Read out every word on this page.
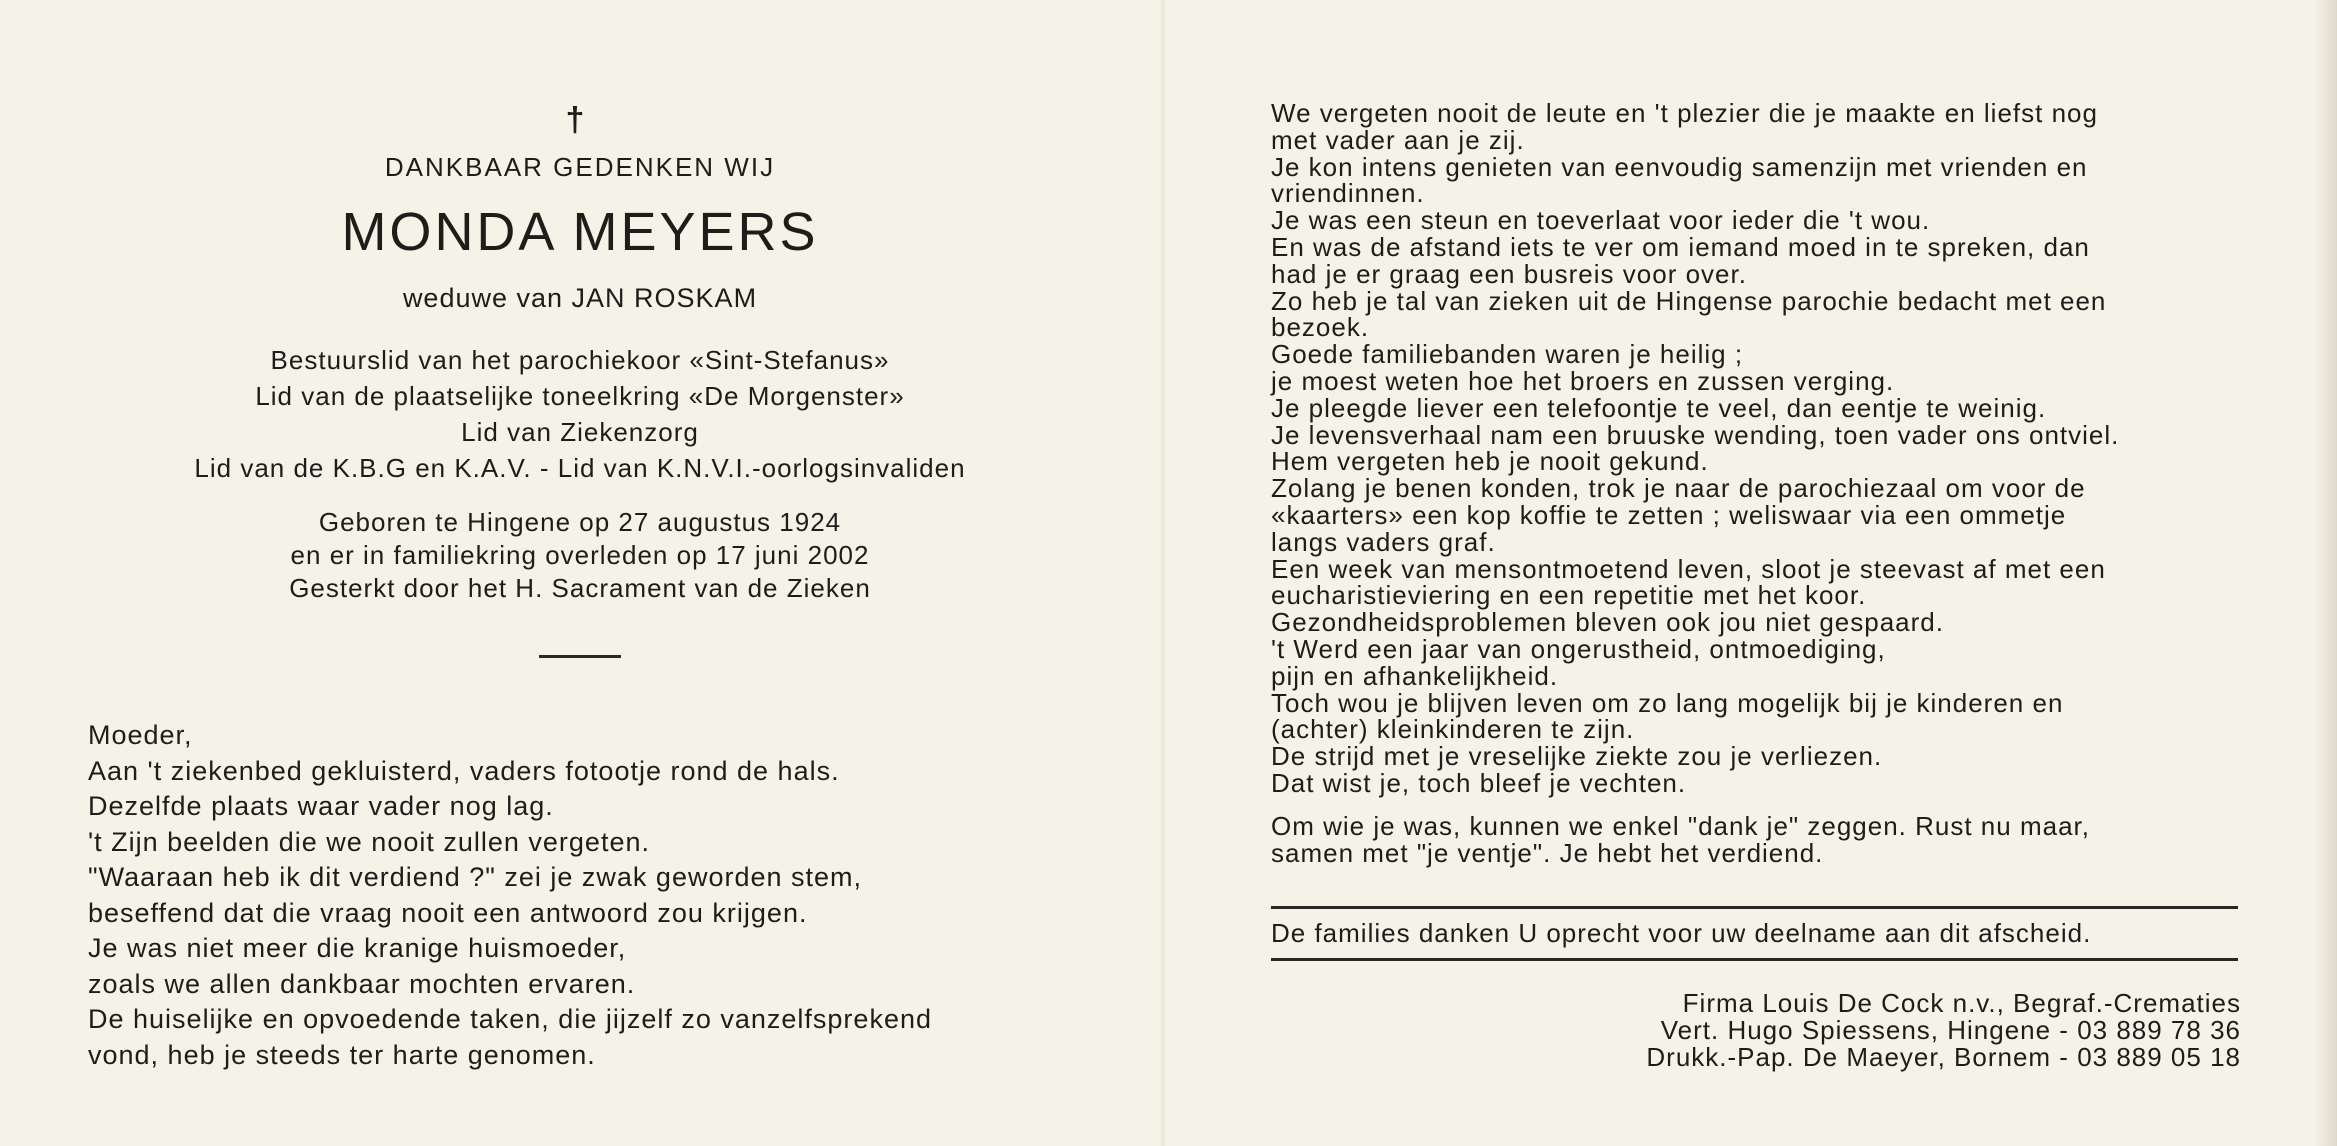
†
DANKBAAR GEDENKEN WIJ
MONDA MEYERS
weduwe van JAN ROSKAM
Bestuurslid van het parochiekoor «Sint-Stefanus»
Lid van de plaatselijke toneelkring «De Morgenster»
Lid van Ziekenzorg
Lid van de K.B.G en K.A.V. - Lid van K.N.V.I.-oorlogsinvaliden
Geboren te Hingene op 27 augustus 1924
en er in familiekring overleden op 17 juni 2002
Gesterkt door het H. Sacrament van de Zieken
Moeder,
Aan 't ziekenbed gekluisterd, vaders fotootje rond de hals.
Dezelfde plaats waar vader nog lag.
't Zijn beelden die we nooit zullen vergeten.
"Waaraan heb ik dit verdiend ?" zei je zwak geworden stem,
beseffend dat die vraag nooit een antwoord zou krijgen.
Je was niet meer die kranige huismoeder,
zoals we allen dankbaar mochten ervaren.
De huiselijke en opvoedende taken, die jijzelf zo vanzelfsprekend
vond, heb je steeds ter harte genomen.
We vergeten nooit de leute en 't plezier die je maakte en liefst nog
met vader aan je zij.
Je kon intens genieten van eenvoudig samenzijn met vrienden en
vriendinnen.
Je was een steun en toeverlaat voor ieder die 't wou.
En was de afstand iets te ver om iemand moed in te spreken, dan
had je er graag een busreis voor over.
Zo heb je tal van zieken uit de Hingense parochie bedacht met een
bezoek.
Goede familiebanden waren je heilig ;
je moest weten hoe het broers en zussen verging.
Je pleegde liever een telefoontje te veel, dan eentje te weinig.
Je levensverhaal nam een bruuske wending, toen vader ons ontviel.
Hem vergeten heb je nooit gekund.
Zolang je benen konden, trok je naar de parochiezaal om voor de
«kaarters» een kop koffie te zetten ; weliswaar via een ommetje
langs vaders graf.
Een week van mensontmoetend leven, sloot je steevast af met een
eucharistieviering en een repetitie met het koor.
Gezondheidsproblemen bleven ook jou niet gespaard.
't Werd een jaar van ongerustheid, ontmoediging,
pijn en afhankelijkheid.
Toch wou je blijven leven om zo lang mogelijk bij je kinderen en
(achter) kleinkinderen te zijn.
De strijd met je vreselijke ziekte zou je verliezen.
Dat wist je, toch bleef je vechten.
Om wie je was, kunnen we enkel "dank je" zeggen. Rust nu maar,
samen met "je ventje". Je hebt het verdiend.
De families danken U oprecht voor uw deelname aan dit afscheid.
Firma Louis De Cock n.v., Begraf.-Crematies
Vert. Hugo Spiessens, Hingene - 03 889 78 36
Drukk.-Pap. De Maeyer, Bornem - 03 889 05 18
